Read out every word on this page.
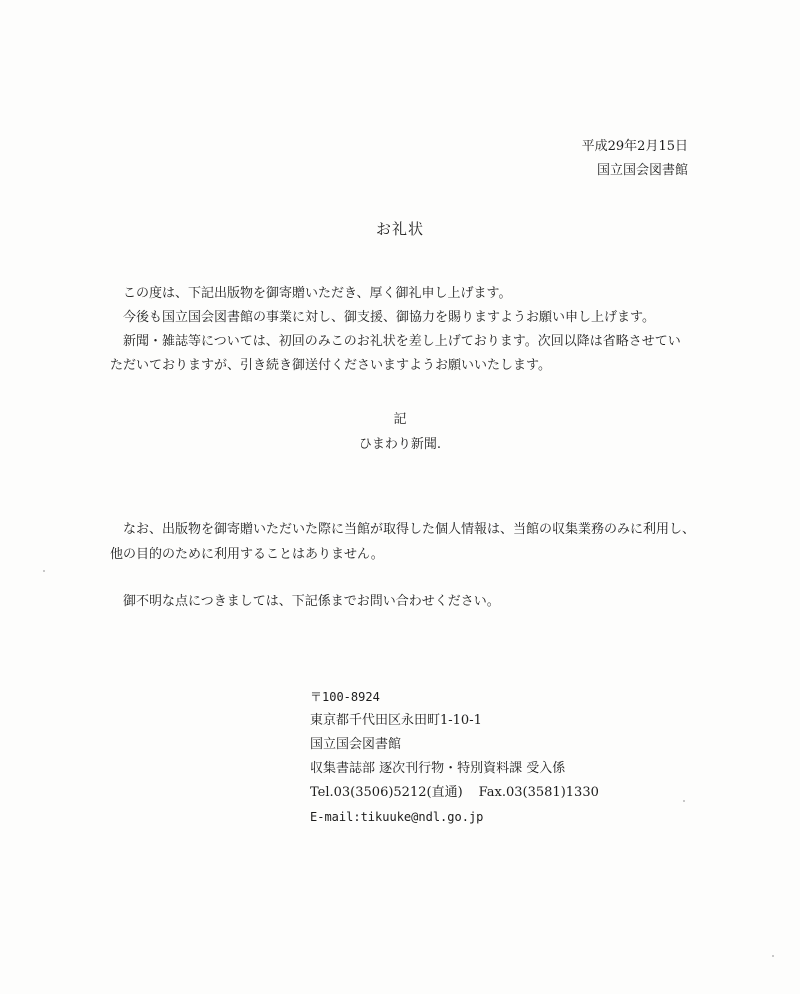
平成29年2月15日
国立国会図書館
お礼状

この度は、下記出版物を御寄贈いただき、厚く御礼申し上げます。

今後も国立国会図書館の事業に対し、御支援、御協力を賜りますようお願い申し上げます。

新聞・雑誌等については、初回のみこのお礼状を差し上げております。次回以降は省略させていただいておりますが、引き続き御送付くださいますようお願いいたします。

記
ひまわり新聞.

なお、出版物を御寄贈いただいた際に当館が取得した個人情報は、当館の収集業務のみに利用し、他の目的のために利用することはありません。

御不明な点につきましては、下記係までお問い合わせください。

〒100-8924
東京都千代田区永田町1-10-1
国立国会図書館
収集書誌部 逐次刊行物・特別資料課 受入係
Tel.03(3506)5212(直通) Fax.03(3581)1330
E-mail:tikuuke@ndl.go.jp
